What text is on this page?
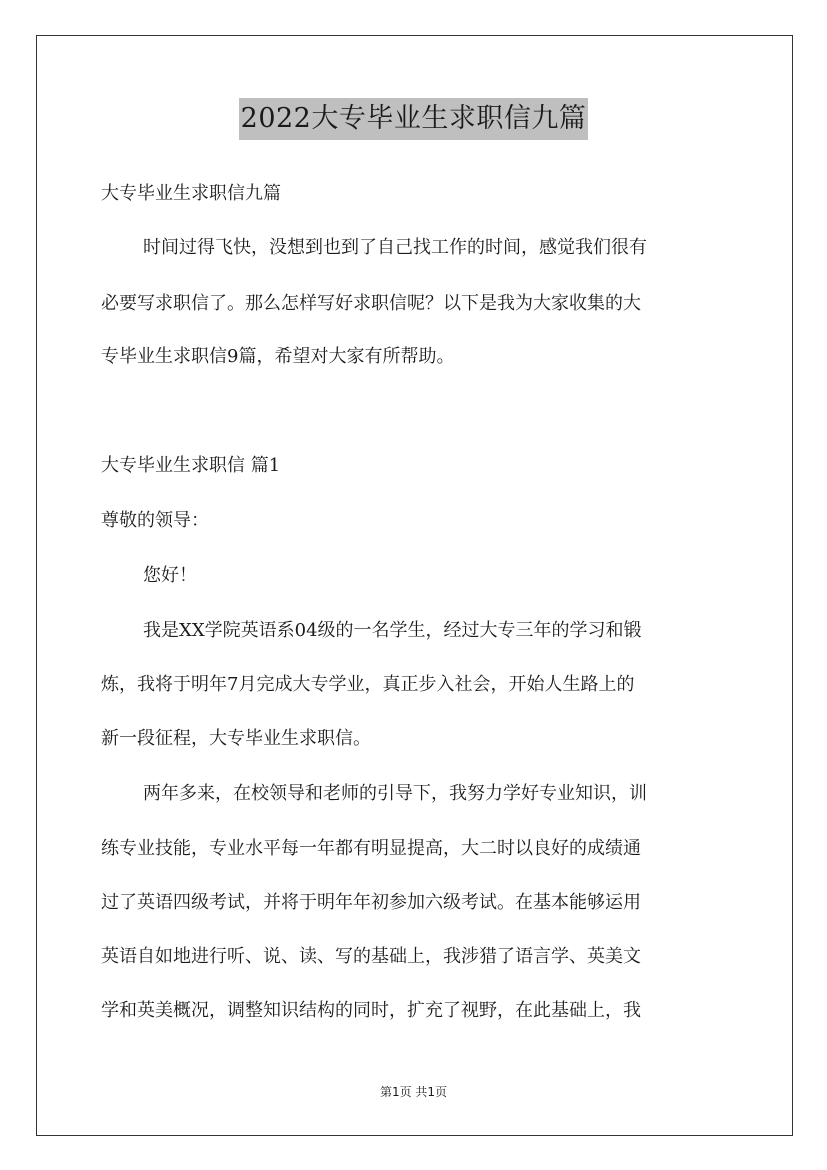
2022大专毕业生求职信九篇
大专毕业生求职信九篇
时间过得飞快，没想到也到了自己找工作的时间，感觉我们很有
必要写求职信了。那么怎样写好求职信呢？以下是我为大家收集的大
专毕业生求职信9篇，希望对大家有所帮助。
大专毕业生求职信 篇1
尊敬的领导：
您好！
我是XX学院英语系04级的一名学生，经过大专三年的学习和锻
炼，我将于明年7月完成大专学业，真正步入社会，开始人生路上的
新一段征程，大专毕业生求职信。
两年多来，在校领导和老师的引导下，我努力学好专业知识，训
练专业技能，专业水平每一年都有明显提高，大二时以良好的成绩通
过了英语四级考试，并将于明年年初参加六级考试。在基本能够运用
英语自如地进行听、说、读、写的基础上，我涉猎了语言学、英美文
学和英美概况，调整知识结构的同时，扩充了视野，在此基础上，我
第1页 共1页
